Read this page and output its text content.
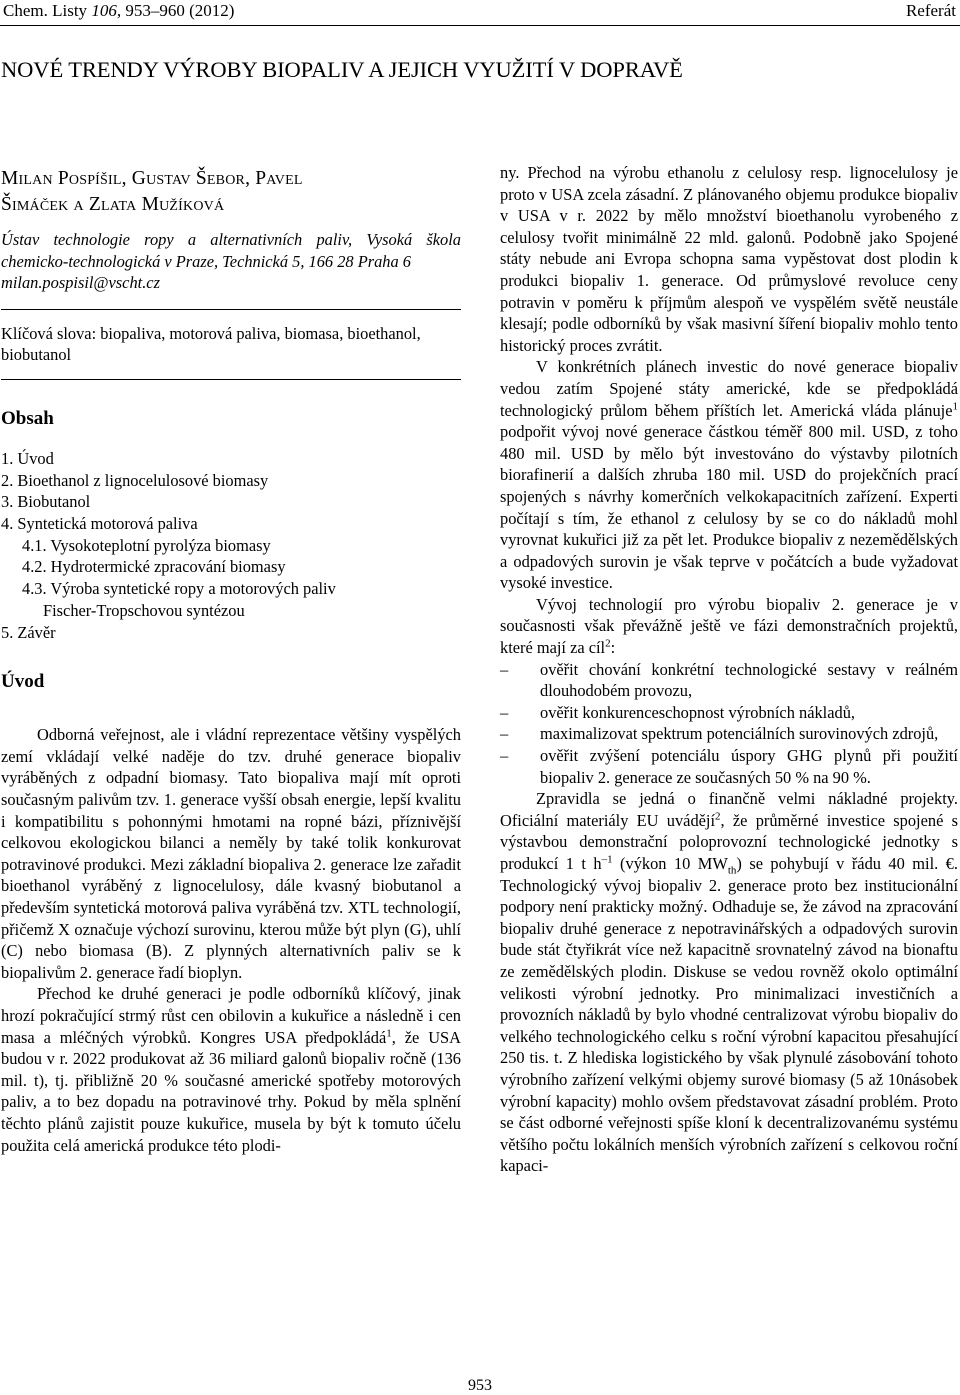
Chem. Listy 106, 953–960 (2012)	Referát
NOVÉ TRENDY VÝROBY BIOPALIV A JEJICH VYUŽITÍ V DOPRAVĚ
Milan Pospíšil, Gustav Šebor, Pavel
Šimáček a Zlata Mužíková
Ústav technologie ropy a alternativních paliv, Vysoká škola chemicko-technologická v Praze, Technická 5, 166 28 Praha 6
milan.pospisil@vscht.cz
Klíčová slova: biopaliva, motorová paliva, biomasa, bioethanol, biobutanol
Obsah
1. Úvod
2. Bioethanol z lignocelulosové biomasy
3. Biobutanol
4. Syntetická motorová paliva
4.1. Vysokoteplotní pyrolýza biomasy
4.2. Hydrotermické zpracování biomasy
4.3. Výroba syntetické ropy a motorových paliv
Fischer-Tropschovou syntézou
5. Závěr
Úvod

Odborná veřejnost, ale i vládní reprezentace většiny vyspělých zemí vkládají velké naděje do tzv. druhé generace biopaliv vyráběných z odpadní biomasy. Tato biopaliva mají mít oproti současným palivům tzv. 1. generace vyšší obsah energie, lepší kvalitu i kompatibilitu s pohonnými hmotami na ropné bázi, příznivější celkovou ekologickou bilanci a neměly by také tolik konkurovat potravinové produkci. Mezi základní biopaliva 2. generace lze zařadit bioethanol vyráběný z lignocelulosy, dále kvasný biobutanol a především syntetická motorová paliva vyráběná tzv. XTL technologií, přičemž X označuje výchozí surovinu, kterou může být plyn (G), uhlí (C) nebo biomasa (B). Z plynných alternativních paliv se k biopalivům 2. generace řadí bioplyn.

Přechod ke druhé generaci je podle odborníků klíčový, jinak hrozí pokračující strmý růst cen obilovin a kukuřice a následně i cen masa a mléčných výrobků. Kongres USA předpokládá$^1$, že USA budou v r. 2022 produkovat až 36 miliard galonů biopaliv ročně (136 mil. t), tj. přibližně 20 % současné americké spotřeby motorových paliv, a to bez dopadu na potravinové trhy. Pokud by měla splnění těchto plánů zajistit pouze kukuřice, musela by být k tomuto účelu použita celá americká produkce této plodi-

ny. Přechod na výrobu ethanolu z celulosy resp. lignocelulosy je proto v USA zcela zásadní. Z plánovaného objemu produkce biopaliv v USA v r. 2022 by mělo množství bioethanolu vyrobeného z celulosy tvořit minimálně 22 mld. galonů. Podobně jako Spojené státy nebude ani Evropa schopna sama vypěstovat dost plodin k produkci biopaliv 1. generace. Od průmyslové revoluce ceny potravin v poměru k příjmům alespoň ve vyspělém světě neustále klesají; podle odborníků by však masivní šíření biopaliv mohlo tento historický proces zvrátit.

V konkrétních plánech investic do nové generace biopaliv vedou zatím Spojené státy americké, kde se předpokládá technologický průlom během příštích let. Americká vláda plánuje$^1$ podpořit vývoj nové generace částkou téměř 800 mil. USD, z toho 480 mil. USD by mělo být investováno do výstavby pilotních biorafinerií a dalších zhruba 180 mil. USD do projekčních prací spojených s návrhy komerčních velkokapacitních zařízení. Experti počítají s tím, že ethanol z celulosy by se co do nákladů mohl vyrovnat kukuřici již za pět let. Produkce biopaliv z nezemědělských a odpadových surovin je však teprve v počátcích a bude vyžadovat vysoké investice.

Vývoj technologií pro výrobu biopaliv 2. generace je v současnosti však převážně ještě ve fázi demonstračních projektů, které mají za cíl$^2$:

– ověřit chování konkrétní technologické sestavy v reálném dlouhodobém provozu,
– ověřit konkurenceschopnost výrobních nákladů,
– maximalizovat spektrum potenciálních surovinových zdrojů,
– ověřit zvýšení potenciálu úspory GHG plynů při použití biopaliv 2. generace ze současných 50 % na 90 %.

Zpravidla se jedná o finančně velmi nákladné projekty. Oficiální materiály EU uvádějí$^2$, že průměrné investice spojené s výstavbou demonstrační poloprovozní technologické jednotky s produkcí 1 t $h^{-1}$ (výkon 10 $MW_{th}$) se pohybují v řádu 40 mil. €. Technologický vývoj biopaliv 2. generace proto bez institucionální podpory není prakticky možný. Odhaduje se, že závod na zpracování biopaliv druhé generace z nepotravinářských a odpadových surovin bude stát čtyřikrát více než kapacitně srovnatelný závod na bionaftu ze zemědělských plodin. Diskuse se vedou rovněž okolo optimální velikosti výrobní jednotky. Pro minimalizaci investičních a provozních nákladů by bylo vhodné centralizovat výrobu biopaliv do velkého technologického celku s roční výrobní kapacitou přesahující 250 tis. t. Z hlediska logistického by však plynulé zásobování tohoto výrobního zařízení velkými objemy surové biomasy (5 až 10násobek výrobní kapacity) mohlo ovšem představovat zásadní problém. Proto se část odborné veřejnosti spíše kloní k decentralizovanému systému většího počtu lokálních menších výrobních zařízení s celkovou roční kapaci-

953
